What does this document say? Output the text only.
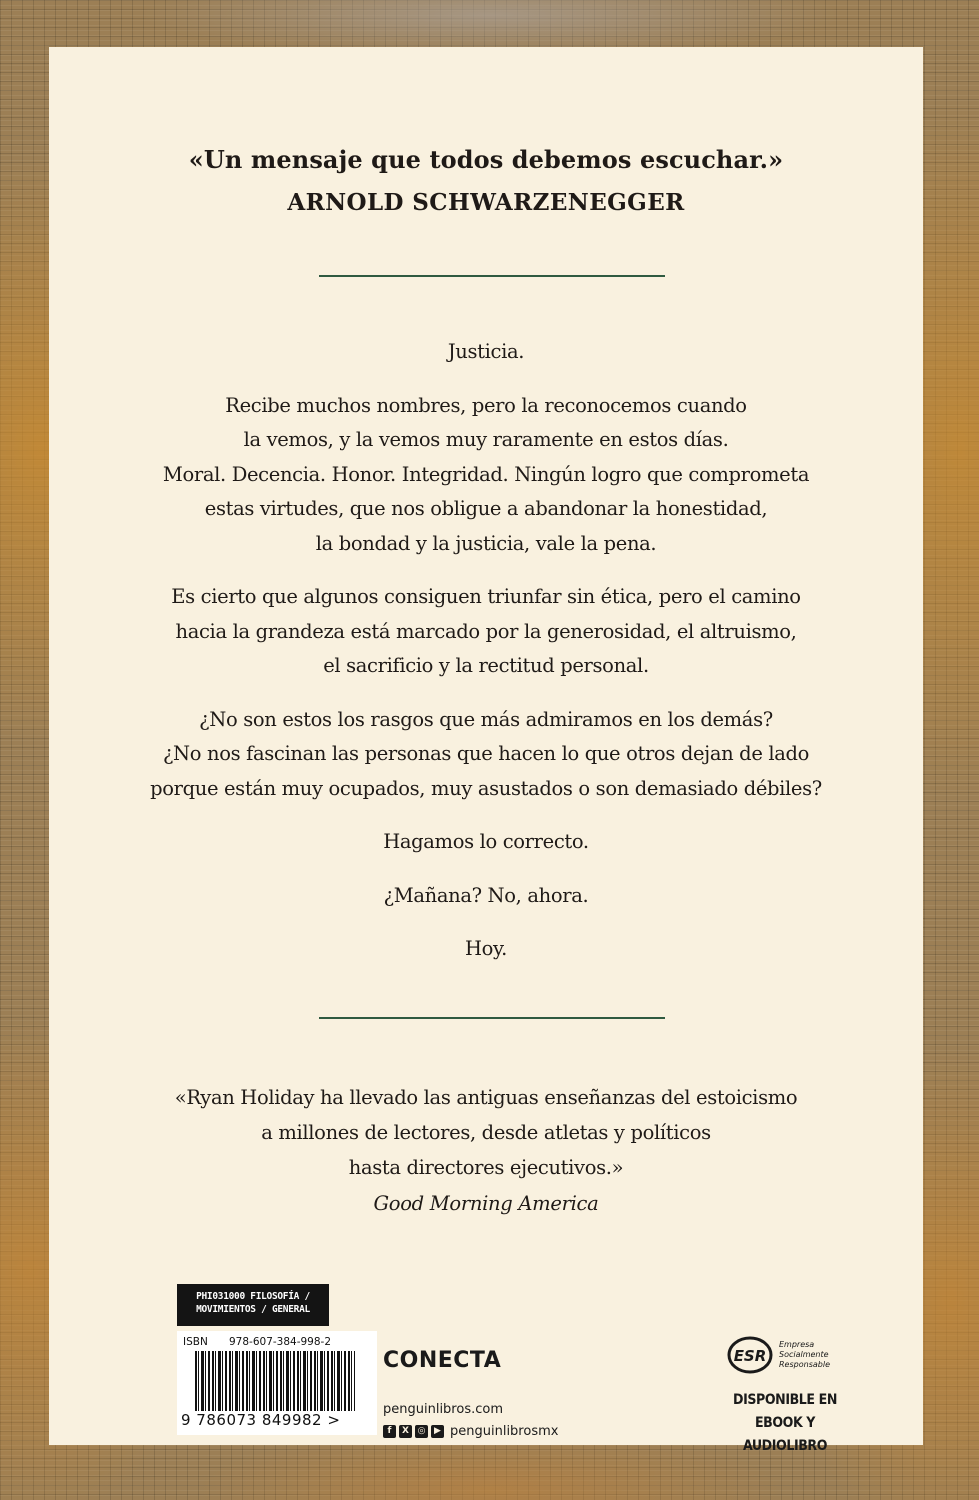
«Un mensaje que todos debemos escuchar.»
ARNOLD SCHWARZENEGGER

Justicia.

Recibe muchos nombres, pero la reconocemos cuando
la vemos, y la vemos muy raramente en estos días.
Moral. Decencia. Honor. Integridad. Ningún logro que comprometa
estas virtudes, que nos obligue a abandonar la honestidad,
la bondad y la justicia, vale la pena.

Es cierto que algunos consiguen triunfar sin ética, pero el camino
hacia la grandeza está marcado por la generosidad, el altruismo,
el sacrificio y la rectitud personal.

¿No son estos los rasgos que más admiramos en los demás?
¿No nos fascinan las personas que hacen lo que otros dejan de lado
porque están muy ocupados, muy asustados o son demasiado débiles?

Hagamos lo correcto.

¿Mañana? No, ahora.

Hoy.

«Ryan Holiday ha llevado las antiguas enseñanzas del estoicismo
a millones de lectores, desde atletas y políticos
hasta directores ejecutivos.»
Good Morning America
PHI031000 FILOSOFÍA /
MOVIMIENTOS / GENERAL
ISBN 978-607-384-998-2
9 786073 849982 >
CONECTA
penguinlibros.com
f	X ◎ ▶ penguinlibrosmx
ESR
Empresa
Socialmente
Responsable
DISPONIBLE EN
EBOOK Y AUDIOLIBRO
